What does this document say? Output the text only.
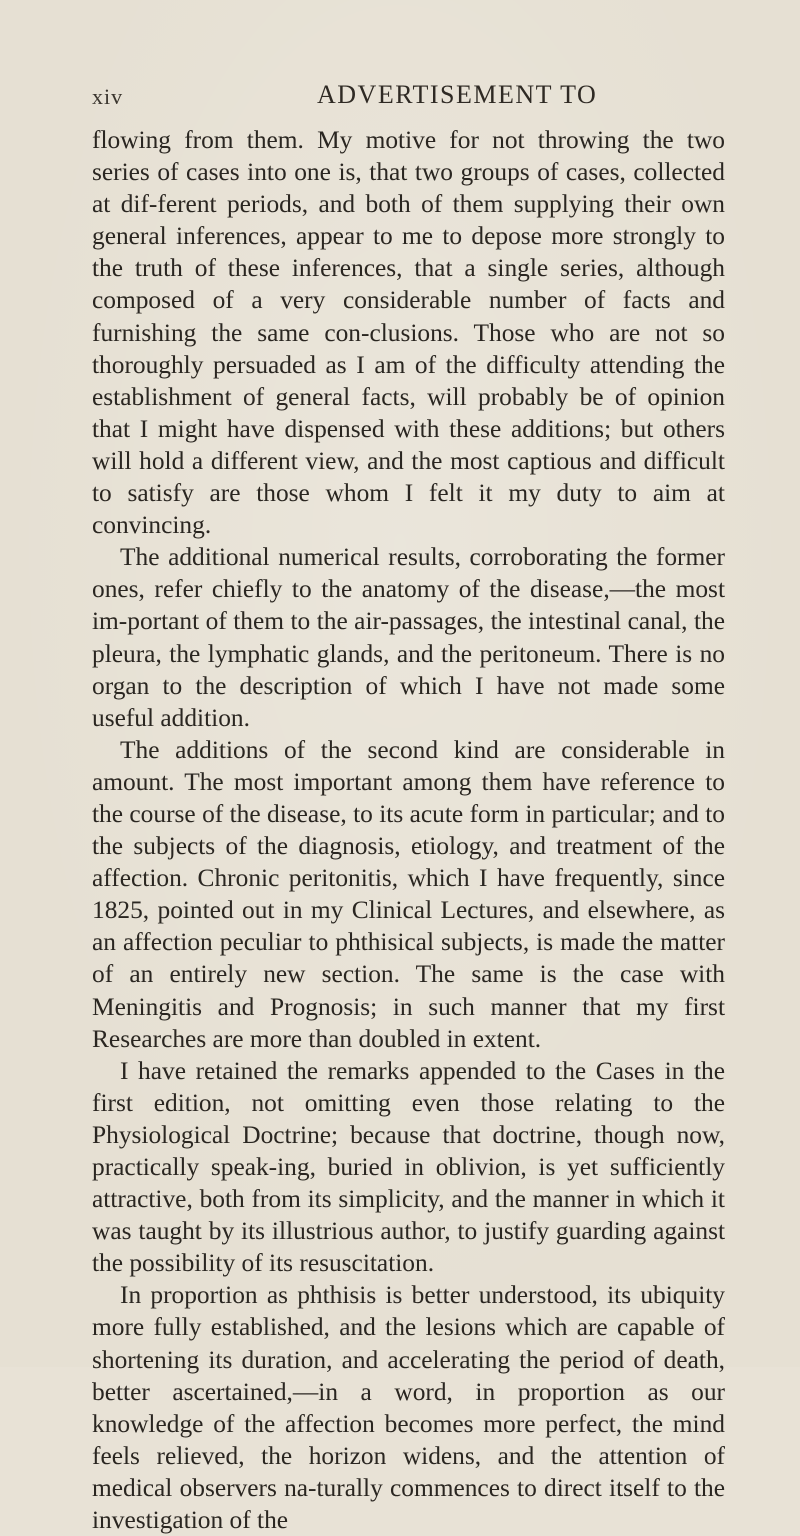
xiv	ADVERTISEMENT TO

flowing from them. My motive for not throwing the two series of cases into one is, that two groups of cases, collected at dif-ferent periods, and both of them supplying their own general inferences, appear to me to depose more strongly to the truth of these inferences, that a single series, although composed of a very considerable number of facts and furnishing the same con-clusions. Those who are not so thoroughly persuaded as I am of the difficulty attending the establishment of general facts, will probably be of opinion that I might have dispensed with these additions; but others will hold a different view, and the most captious and difficult to satisfy are those whom I felt it my duty to aim at convincing.

The additional numerical results, corroborating the former ones, refer chiefly to the anatomy of the disease,—the most im-portant of them to the air-passages, the intestinal canal, the pleura, the lymphatic glands, and the peritoneum. There is no organ to the description of which I have not made some useful addition.

The additions of the second kind are considerable in amount. The most important among them have reference to the course of the disease, to its acute form in particular; and to the subjects of the diagnosis, etiology, and treatment of the affection. Chronic peritonitis, which I have frequently, since 1825, pointed out in my Clinical Lectures, and elsewhere, as an affection peculiar to phthisical subjects, is made the matter of an entirely new section. The same is the case with Meningitis and Prognosis; in such manner that my first Researches are more than doubled in extent.

I have retained the remarks appended to the Cases in the first edition, not omitting even those relating to the Physiological Doctrine; because that doctrine, though now, practically speak-ing, buried in oblivion, is yet sufficiently attractive, both from its simplicity, and the manner in which it was taught by its illustrious author, to justify guarding against the possibility of its resuscitation.

In proportion as phthisis is better understood, its ubiquity more fully established, and the lesions which are capable of shortening its duration, and accelerating the period of death, better ascertained,—in a word, in proportion as our knowledge of the affection becomes more perfect, the mind feels relieved, the horizon widens, and the attention of medical observers na-turally commences to direct itself to the investigation of the
